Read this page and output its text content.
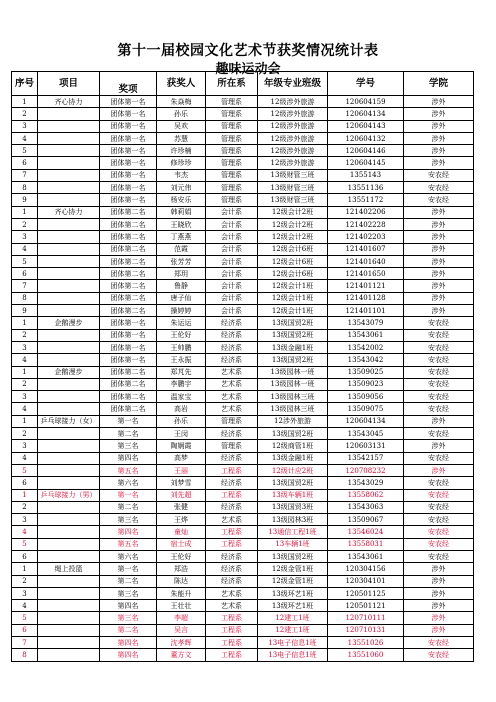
第十一届校园文化艺术节获奖情况统计表
趣味运动会
序号	项目	奖项	获奖人	所在系	年级专业班级	学号	学院
1	齐心协力	团体第一名	朱焱梅	管理系	12级涉外旅游	120604159	涉外
2		团体第一名	孙乐	管理系	12级涉外旅游	120604134	涉外
3		团体第一名	吴欢	管理系	12级涉外旅游	120604143	涉外
4		团体第一名	苏慧	管理系	12级涉外旅游	120604132	涉外
5		团体第一名	许珍楠	管理系	12级涉外旅游	120604146	涉外
6		团体第一名	修珍珍	管理系	12级涉外旅游	120604145	涉外
7		团体第一名	韦杰	管理系	13级财管三班	1355143	安农经
8		团体第一名	刘元伟	管理系	13级财管三班	13551136	安农经
9		团体第一名	杨安乐	管理系	13级财管三班	13551172	安农经
1	齐心协力	团体第二名	韩莉娟	会计系	12级会计2班	121402206	涉外
2		团体第二名	王晓欣	会计系	12级会计2班	121402228	涉外
3		团体第二名	丁燕燕	会计系	12级会计2班	121402203	涉外
4		团体第二名	范霞	会计系	12级会计6班	121401607	涉外
5		团体第二名	张芳芳	会计系	12级会计6班	121401640	涉外
6		团体第二名	郑玥	会计系	12级会计6班	121401650	涉外
7		团体第二名	鲁静	会计系	12级会计1班	121401121	涉外
8		团体第二名	唐子仙	会计系	12级会计1班	121401128	涉外
9		团体第二名	操婷婷	会计系	12级会计1班	121401101	涉外
1	企鹅漫步	团体第一名	朱运运	经济系	13级国贸2班	13543079	安农经
2		团体第一名	王伦好	经济系	13级国贸2班	13543061	安农经
3		团体第一名	王帅鹏	经济系	13级金融1班	13542002	安农经
4		团体第一名	王永振	经济系	13级国贸2班	13543042	安农经
1	企鹅漫步	团体第二名	郑芃先	艺术系	13级园林一班	13509025	安农经
2		团体第二名	李鹏宇	艺术系	13级园林一班	13509023	安农经
3		团体第二名	温家宝	艺术系	13级园林三班	13509056	安农经
4		团体第二名	高岩	艺术系	13级园林三班	13509075	安农经
1	乒乓球接力（女）	第一名	孙乐	管理系	12涉外旅游	120604134	涉外
2		第二名	王闵	经济系	13级国贸2班	13543045	安农经
3		第三名	陶娴霞	管理系	12级商管1班	120603131	涉外
4		第四名	高梦	经济系	13级金融1班	13542157	安农经
5		第五名	王丽	工程系	12级计应2班	120708232	涉外
6		第六名	刘梦雪	经济系	13级国贸2班	13543029	安农经
1	乒乓球接力（男）	第一名	刘先超	工程系	13级车辆1班	13558062	安农经
2		第二名	张健	经济系	13级国贸3班	13543063	安农经
3		第三名	王烨	艺术系	13级园林3班	13509067	安农经
4		第四名	童灿	工程系	13通信工程1班	13546024	安农经
5		第五名	宿士成	工程系	13车辆1班	13558031	安农经
6		第六名	王伦好	经济系	13级国贸2班	13543061	安农经
1	绳上投篮	第一名	郑浩	经济系	12级金管1班	120304156	涉外
2		第二名	陈达	经济系	12级金管1班	120304101	涉外
3		第三名	朱能升	艺术系	13级环艺1班	120501125	涉外
4		第四名	王壮壮	艺术系	13级环艺1班	120501121	涉外
5		第三名	李超	工程系	12建工1班	120710111	涉外
6		第二名	吴言	工程系	12建工1班	120710131	涉外
7		第四名	沈孝辉	工程系	13电子信息1班	13551026	安农经
8		第四名	董方文	工程系	13电子信息1班	13551060	安农经
